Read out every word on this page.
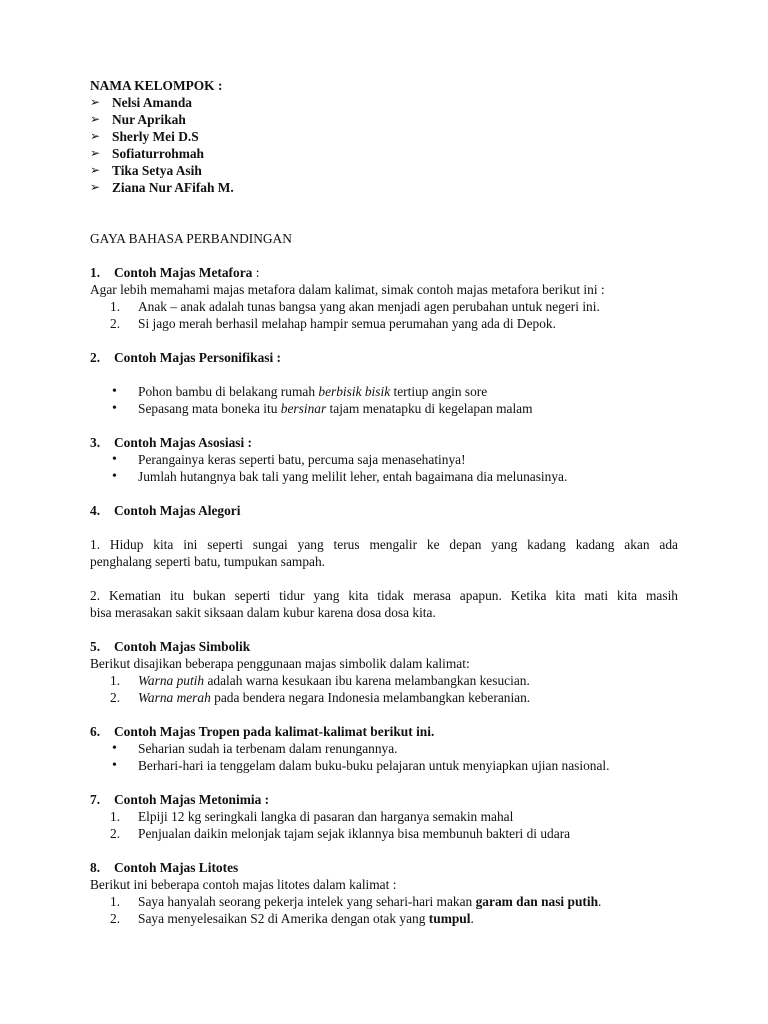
NAMA KELOMPOK :
➢ Nelsi Amanda
➢ Nur Aprikah
➢ Sherly Mei D.S
➢ Sofiaturrohmah
➢ Tika Setya Asih
➢ Ziana Nur AFifah M.
GAYA BAHASA PERBANDINGAN
1. Contoh Majas Metafora :
Agar lebih memahami majas metafora dalam kalimat, simak contoh majas metafora berikut ini :
1. Anak – anak adalah tunas bangsa yang akan menjadi agen perubahan untuk negeri ini.
2. Si jago merah berhasil melahap hampir semua perumahan yang ada di Depok.
2. Contoh Majas Personifikasi :
• Pohon bambu di belakang rumah berbisik bisik tertiup angin sore
• Sepasang mata boneka itu bersinar tajam menatapku di kegelapan malam
3. Contoh Majas Asosiasi :
• Perangainya keras seperti batu, percuma saja menasehatinya!
• Jumlah hutangnya bak tali yang melilit leher, entah bagaimana dia melunasinya.
4. Contoh Majas Alegori
1. Hidup kita ini seperti sungai yang terus mengalir ke depan yang kadang kadang akan ada
penghalang seperti batu, tumpukan sampah.
2. Kematian itu bukan seperti tidur yang kita tidak merasa apapun. Ketika kita mati kita masih
bisa merasakan sakit siksaan dalam kubur karena dosa dosa kita.
5. Contoh Majas Simbolik
Berikut disajikan beberapa penggunaan majas simbolik dalam kalimat:
1. Warna putih adalah warna kesukaan ibu karena melambangkan kesucian.
2. Warna merah pada bendera negara Indonesia melambangkan keberanian.
6. Contoh Majas Tropen pada kalimat-kalimat berikut ini.
• Seharian sudah ia terbenam dalam renungannya.
• Berhari-hari ia tenggelam dalam buku-buku pelajaran untuk menyiapkan ujian nasional.
7. Contoh Majas Metonimia :
1. Elpiji 12 kg seringkali langka di pasaran dan harganya semakin mahal
2. Penjualan daikin melonjak tajam sejak iklannya bisa membunuh bakteri di udara
8. Contoh Majas Litotes
Berikut ini beberapa contoh majas litotes dalam kalimat :
1. Saya hanyalah seorang pekerja intelek yang sehari-hari makan garam dan nasi putih.
2. Saya menyelesaikan S2 di Amerika dengan otak yang tumpul.
